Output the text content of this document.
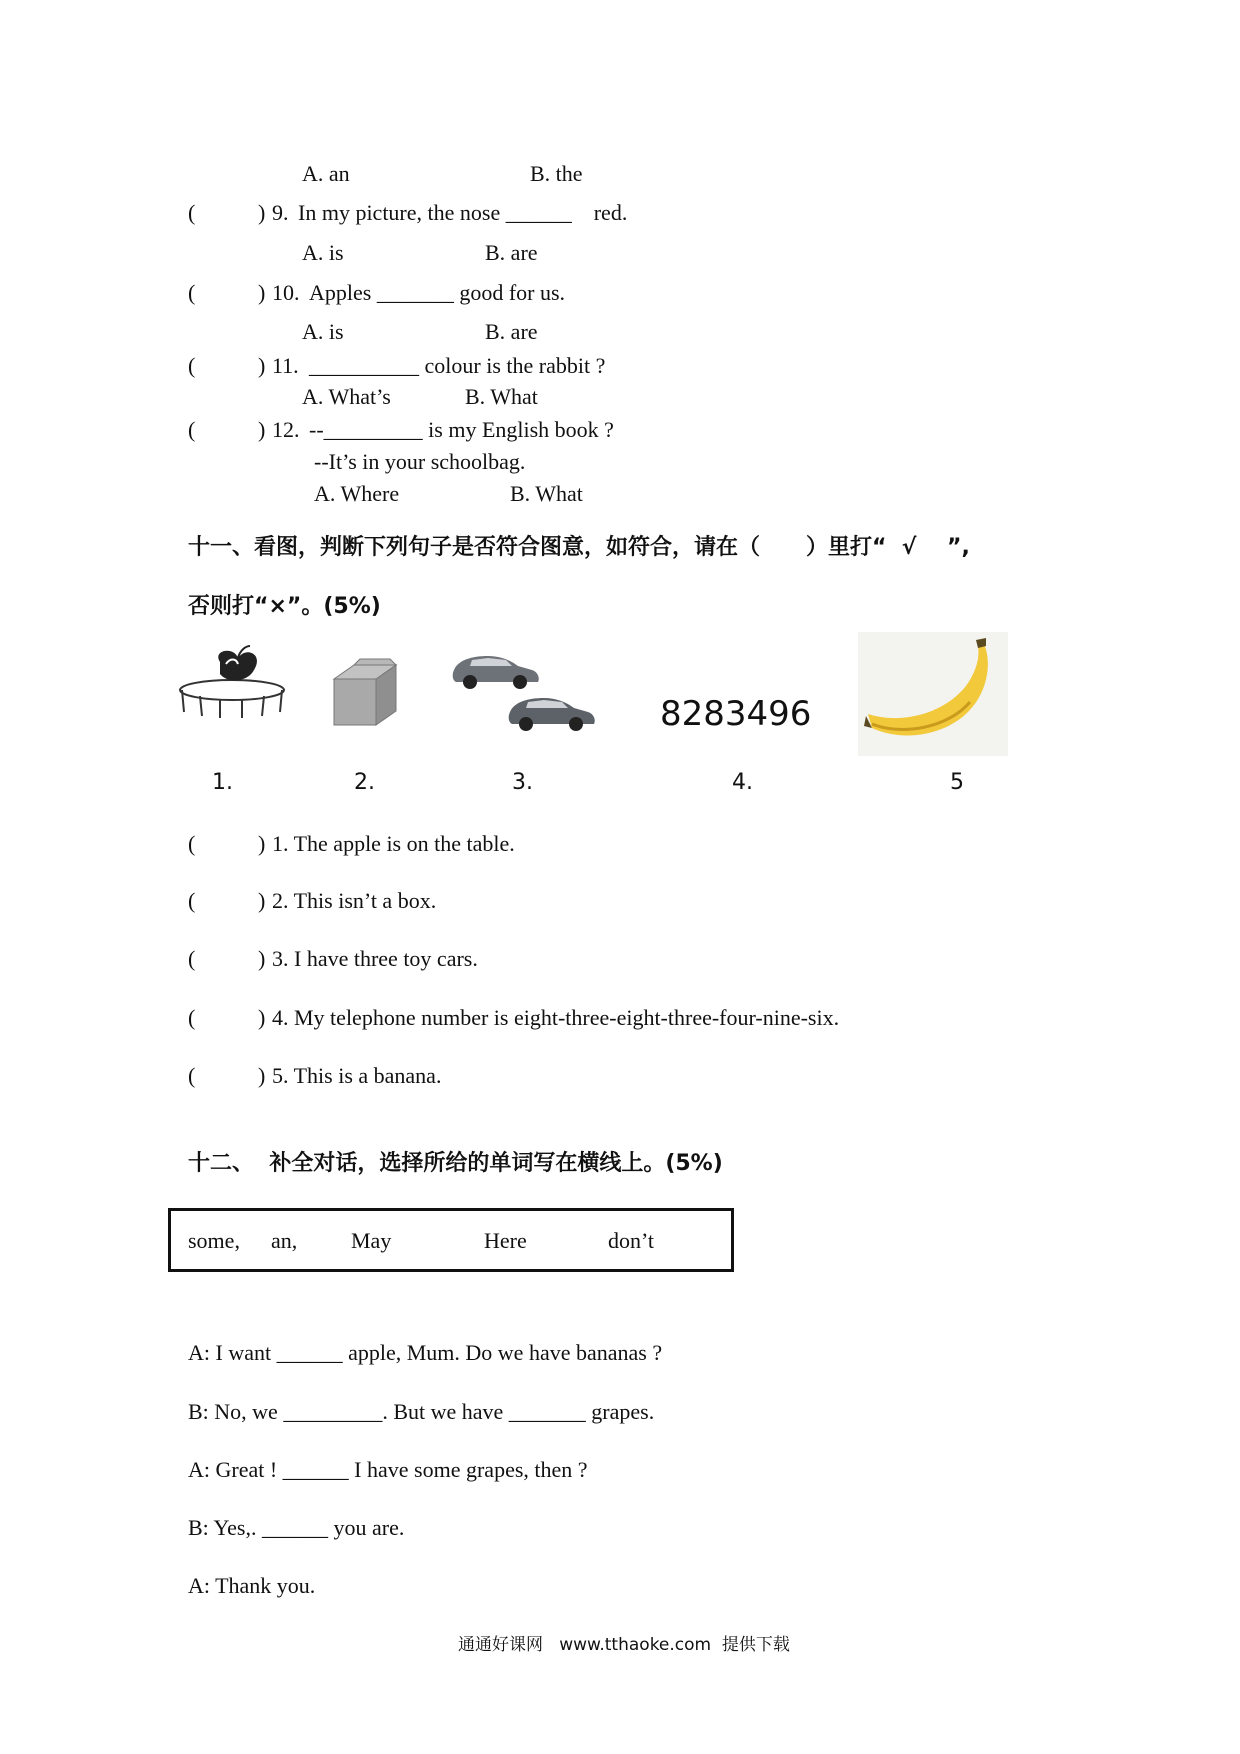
A. an	B. the
(	) 9. In my picture, the nose ______    red.
A. is	B. are
(	) 10. Apples _______ good for us.
A. is	B. are
(	) 11. __________ colour is the rabbit ?
A. What’s	B. What
(	) 12. --_________ is my English book ?
--It’s in your schoolbag.
A. Where	B. What
十一、看图，判断下列句子是否符合图意，如符合，请在（      ）里打“  √    ”,
否则打“×”。(5%)
8283496
1.	2.	3.	4.	5
(	) 1. The apple is on the table.
(	) 2. This isn’t a box.
(	) 3. I have three toy cars.
(	) 4. My telephone number is eight-three-eight-three-four-nine-six.
(	) 5. This is a banana.
十二、  补全对话，选择所给的单词写在横线上。(5%)
some, an, May	Here	don’t
A: I want ______ apple, Mum. Do we have bananas ?
B: No, we _________. But we have _______ grapes.
A: Great ! ______ I have some grapes, then ?
B: Yes,. ______ you are.
A: Thank you.
通通好课网   www.tthaoke.com  提供下载
